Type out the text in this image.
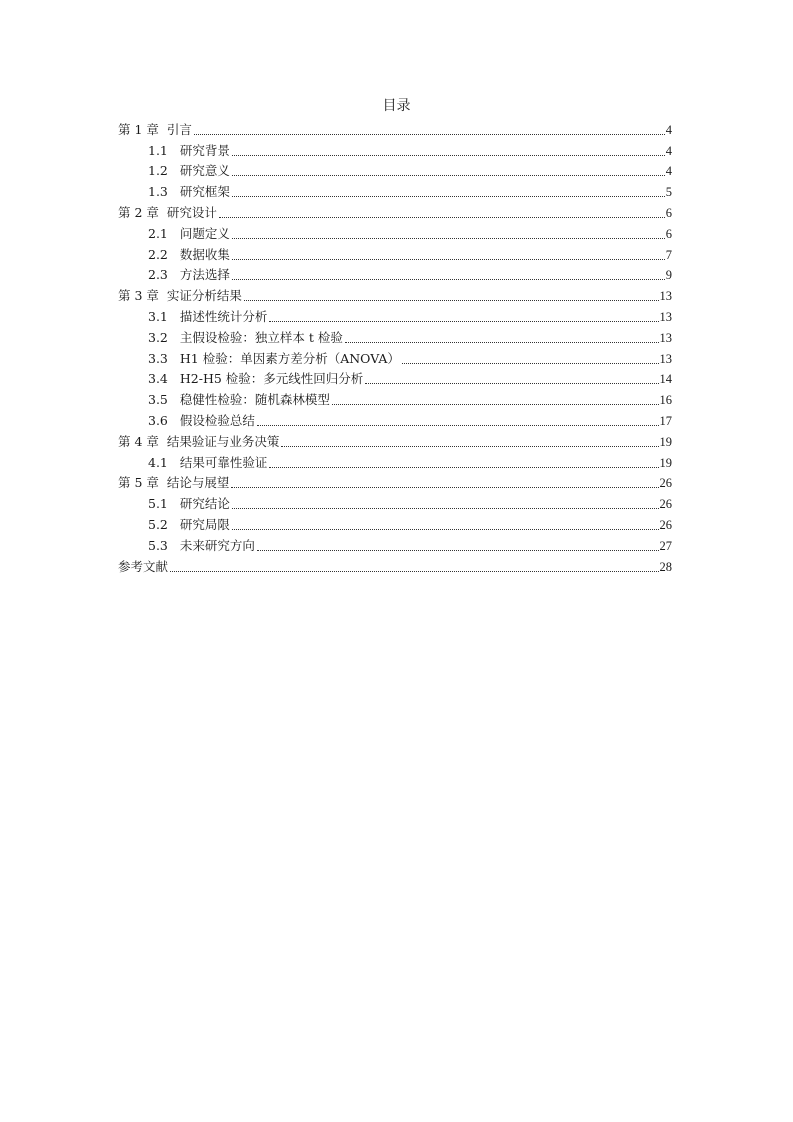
目录
第 1 章 引言	4
1.1 研究背景	4
1.2 研究意义	4
1.3 研究框架	5
第 2 章 研究设计	6
2.1 问题定义	6
2.2 数据收集	7
2.3 方法选择	9
第 3 章 实证分析结果	13
3.1 描述性统计分析	13
3.2 主假设检验：独立样本 t 检验	13
3.3 H1 检验：单因素方差分析（ANOVA）	13
3.4 H2-H5 检验：多元线性回归分析	14
3.5 稳健性检验：随机森林模型	16
3.6 假设检验总结	17
第 4 章 结果验证与业务决策	19
4.1 结果可靠性验证	19
第 5 章 结论与展望	26
5.1 研究结论	26
5.2 研究局限	26
5.3 未来研究方向	27
参考文献	28
